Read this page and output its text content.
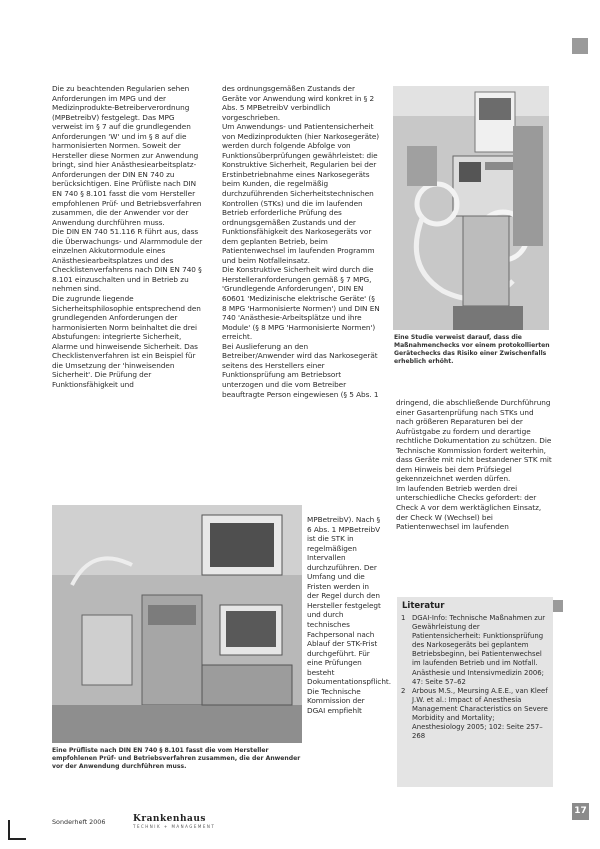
Die zu beachtenden Regularien sehen Anforderungen im MPG und der Medizinprodukte-Betreiberverordnung (MPBetreibV) festgelegt. Das MPG verweist im § 7 auf die grundlegenden Anforderungen 'W' und im § 8 auf die harmonisierten Normen. Soweit der Hersteller diese Normen zur Anwendung bringt, sind hier Anästhesiearbeitsplatz-Anforderungen der DIN EN 740 zu berücksichtigen. Eine Prüfliste nach DIN EN 740 § 8.101 fasst die vom Hersteller empfohlenen Prüf- und Betriebsverfahren zusammen, die der Anwender vor der Anwendung durchführen muss.

Die DIN EN 740 51.116 R führt aus, dass die Überwachungs- und Alarmmodule der einzelnen Akkutormodule eines Anästhesiearbeitsplatzes und des Checklistenverfahrens nach DIN EN 740 § 8.101 einzuschalten und in Betrieb zu nehmen sind.

Die zugrunde liegende Sicherheitsphilosophie entsprechend den grundlegenden Anforderungen der harmonisierten Norm beinhaltet die drei Abstufungen: integrierte Sicherheit, Alarme und hinweisende Sicherheit. Das Checklistenverfahren ist ein Beispiel für die Umsetzung der 'hinweisenden Sicherheit'. Die Prüfung der Funktionsfähigkeit und

des ordnungsgemäßen Zustands der Geräte vor Anwendung wird konkret in § 2 Abs. 5 MPBetreibV verbindlich vorgeschrieben.

Um Anwendungs- und Patientensicherheit von Medizinprodukten (hier Narkosegeräte) werden durch folgende Abfolge von Funktionsüberprüfungen gewährleistet: die Konstruktive Sicherheit, Regularien bei der Erstinbetriebnahme eines Narkosegeräts beim Kunden, die regelmäßig durchzuführenden Sicherheitstechnischen Kontrollen (STKs) und die im laufenden Betrieb erforderliche Prüfung des ordnungsgemäßen Zustands und der Funktionsfähigkeit des Narkosegeräts vor dem geplanten Betrieb, beim Patientenwechsel im laufenden Programm und beim Notfalleinsatz.

Die Konstruktive Sicherheit wird durch die Herstelleranforderungen gemäß § 7 MPG, 'Grundlegende Anforderungen', DIN EN 60601 'Medizinische elektrische Geräte' (§ 8 MPG 'Harmonisierte Normen') und DIN EN 740 'Anästhesie-Arbeitsplätze und ihre Module' (§ 8 MPG 'Harmonisierte Normen') erreicht.

Bei Auslieferung an den Betreiber/Anwender wird das Narkosegerät seitens des Herstellers einer Funktionsprüfung am Betriebsort unterzogen und die vom Betreiber beauftragte Person eingewiesen (§ 5 Abs. 1

MPBetreibV). Nach § 6 Abs. 1 MPBetreibV ist die STK in regelmäßigen Intervallen durchzuführen. Der Umfang und die Fristen werden in der Regel durch den Hersteller festgelegt und durch technisches Fachpersonal nach Ablauf der STK-Frist durchgeführt. Für eine Prüfungen besteht Dokumentationspflicht. Die Technische Kommission der DGAI empfiehlt

Eine Studie verweist darauf, dass die Maßnahmenchecks vor einem protokollierten Gerätechecks das Risiko einer Zwischenfalls erheblich erhöht.
Eine Prüfliste nach DIN EN 740 § 8.101 fasst die vom Hersteller empfohlenen Prüf- und Betriebsverfahren zusammen, die der Anwender vor der Anwendung durchführen muss.

dringend, die abschließende Durchführung einer Gasartenprüfung nach STKs und nach größeren Reparaturen bei der Aufrüstgabe zu fordern und derartige rechtliche Dokumentation zu schützen. Die Technische Kommission fordert weiterhin, dass Geräte mit nicht bestandener STK mit dem Hinweis bei dem Prüfsiegel gekennzeichnet werden dürfen.

Im laufenden Betrieb werden drei unterschiedliche Checks gefordert: der Check A vor dem werktäglichen Einsatz, der Check W (Wechsel) bei Patientenwechsel im laufenden

Literatur
1 DGAI-Info: Technische Maßnahmen zur Gewährleistung der Patientensicherheit: Funktionsprüfung des Narkosegeräts bei geplantem Betriebsbeginn, bei Patientenwechsel im laufenden Betrieb und im Notfall. Anästhesie und Intensivmedizin 2006; 47: Seite 57–62
2 Arbous M.S., Meursing A.E.E., van Kleef J.W. et al.: Impact of Anesthesia Management Characteristics on Severe Morbidity and Mortality; Anesthesiology 2005; 102: Seite 257–268
Sonderheft 2006	Krankenhaus
TECHNIK + MANAGEMENT
17
